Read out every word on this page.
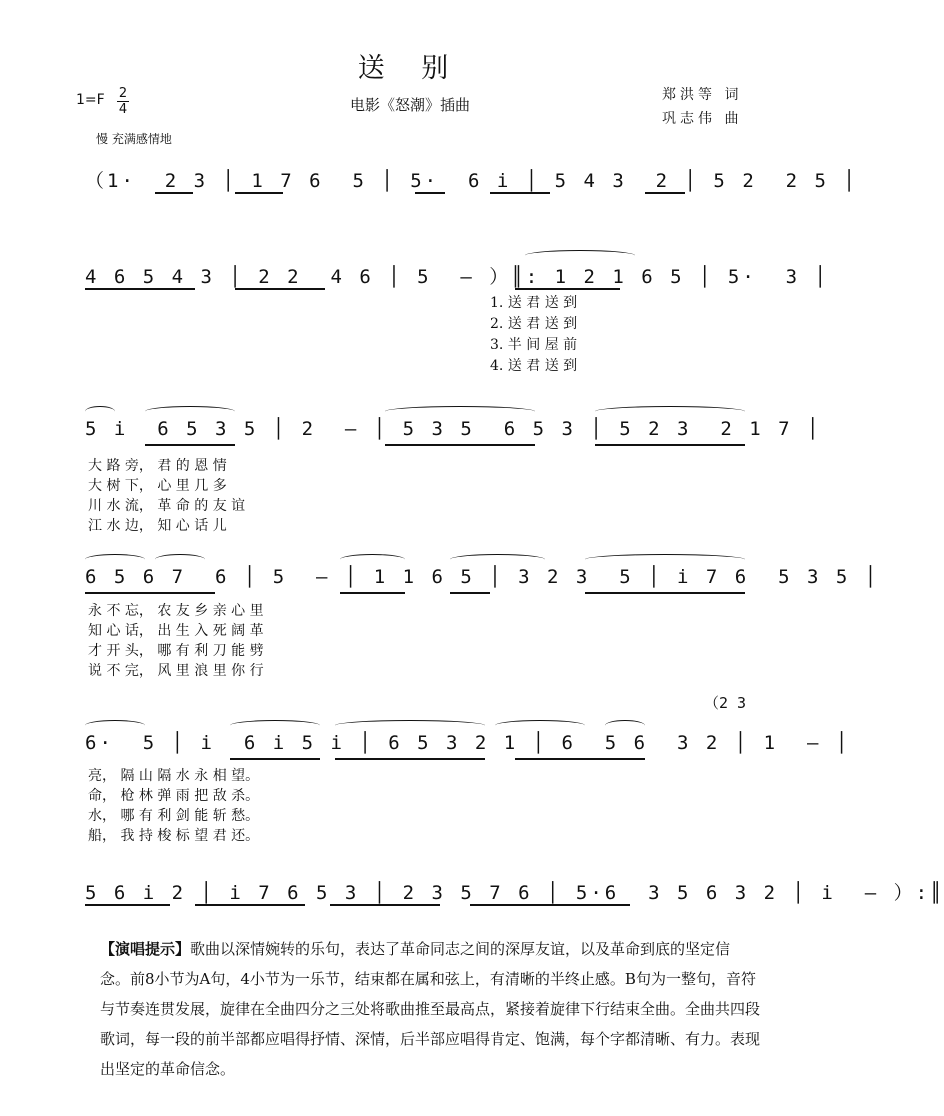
送 别
1=F 2
4	电影《怒潮》插曲
郑洪等 词
巩志伟 曲
慢 充满感情地
（1·  2 3 │ 1 7 6  5 │ 5·  6 i │ 5 4 3  2 │ 5 2  2 5 │
4 6 5 4 3 │ 2 2  4 6 │ 5  – ）║: 1 2 1 6 5 │ 5·  3 │
1. 送 君 送 到
2. 送 君 送 到
3. 半 间 屋 前
4. 送 君 送 到
5 i  6 5 3 5 │ 2  – │ 5 3 5  6 5 3 │ 5 2 3  2 1 7 │
大 路 旁， 君 的 恩 情
大 树 下， 心 里 几 多
川 水 流， 革 命 的 友 谊
江 水 边， 知 心 话 儿
6 5 6 7  6 │ 5  – │ 1 1 6 5 │ 3 2 3  5 │ i 7 6  5 3 5 │
永 不 忘， 农 友 乡 亲 心 里
知 心 话， 出 生 入 死 阔 革
才 开 头， 哪 有 利 刀 能 劈
说 不 完， 风 里 浪 里 你 行
（2 3
6·  5 │ i  6 i 5 i │ 6 5 3 2 1 │ 6  5 6  3 2 │ 1  – │
亮， 隔 山 隔 水 永 相 望。
命， 枪 林 弹 雨 把 敌 杀。
水， 哪 有 利 剑 能 斩 愁。
船， 我 持 梭 标 望 君 还。
5 6 i 2 │ i 7 6 5 3 │ 2 3 5 7 6 │ 5·6  3 5 6 3 2 │ i  – ）:║
【演唱提示】歌曲以深情婉转的乐句，表达了革命同志之间的深厚友谊，以及革命到底的坚定信念。前8小节为A句，4小节为一乐节，结束都在属和弦上，有清晰的半终止感。B句为一整句，音符与节奏连贯发展，旋律在全曲四分之三处将歌曲推至最高点，紧接着旋律下行结束全曲。全曲共四段歌词，每一段的前半部都应唱得抒情、深情，后半部应唱得肯定、饱满，每个字都清晰、有力。表现出坚定的革命信念。
